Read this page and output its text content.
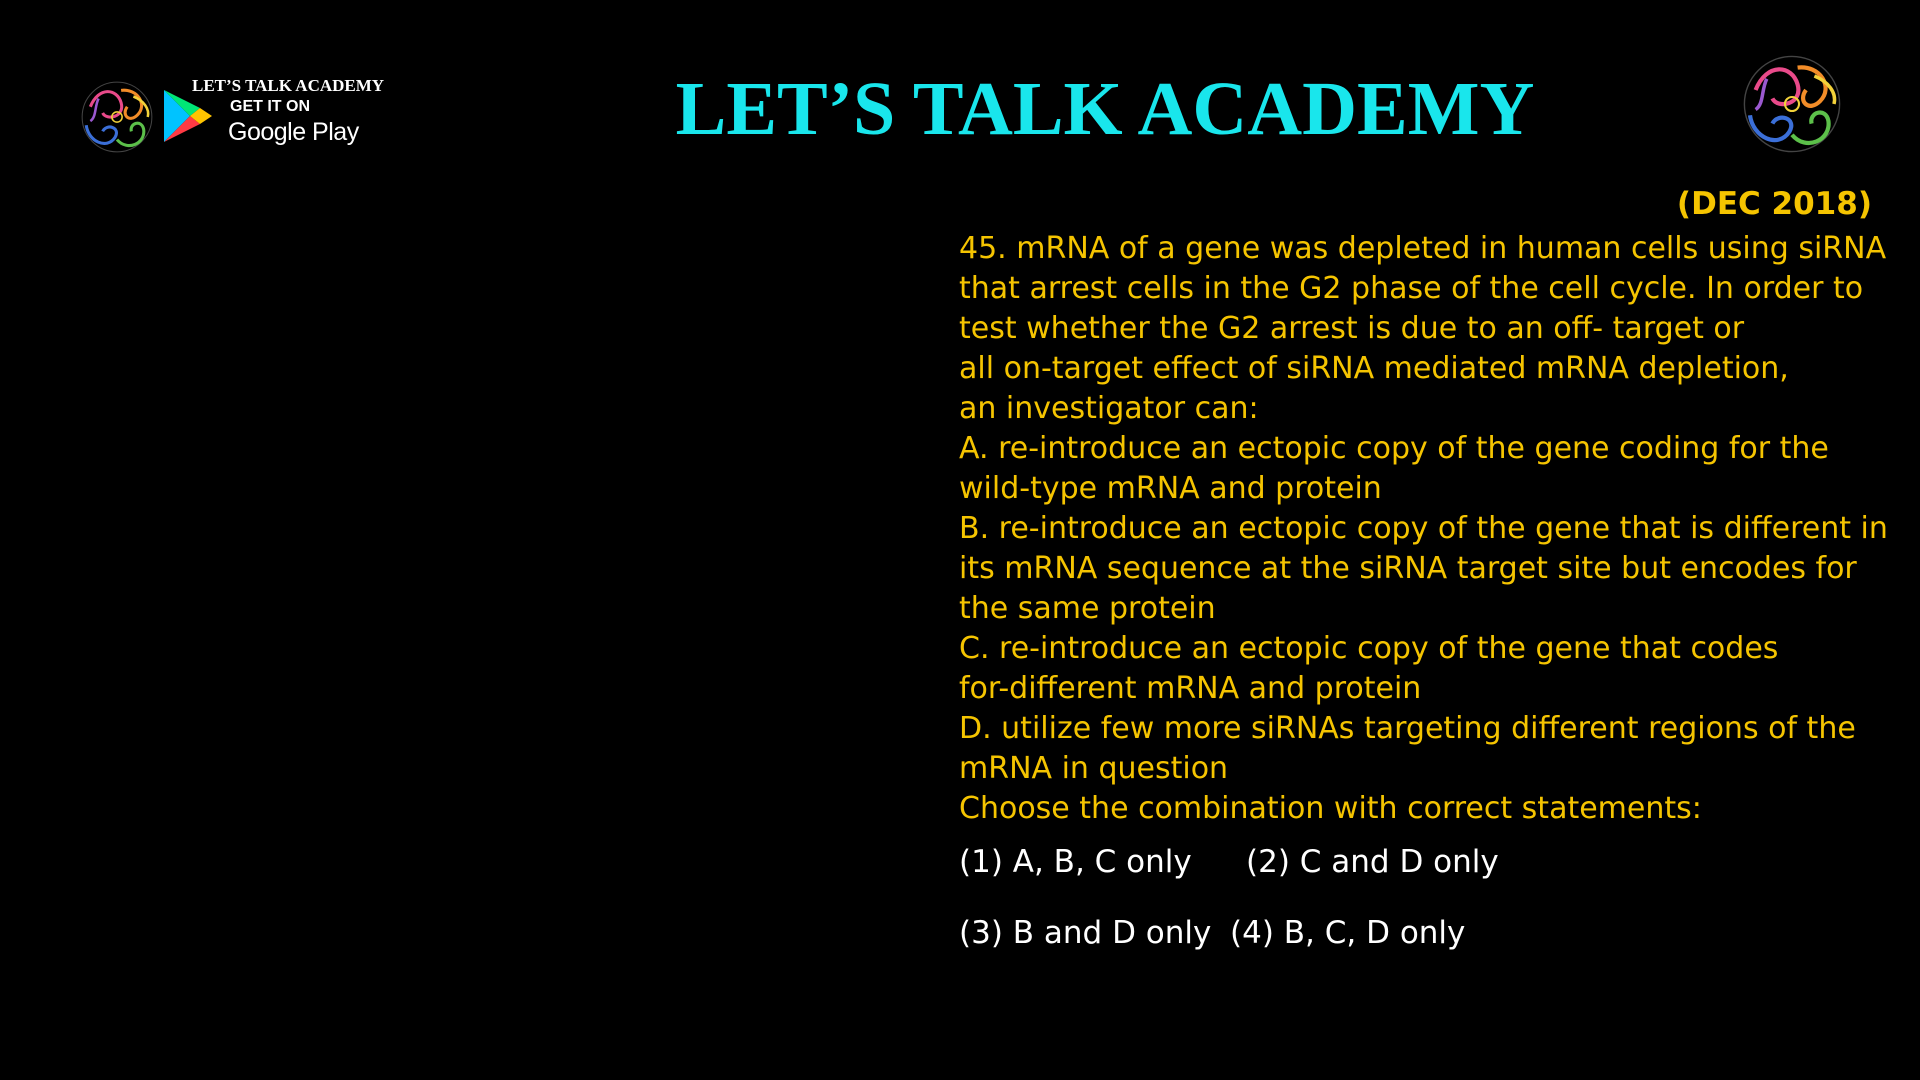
LET’S TALK ACADEMY
GET IT ON
Google Play	LET’S TALK ACADEMY
(DEC 2018)
45. mRNA of a gene was depleted in human cells using siRNA
that arrest cells in the G2 phase of the cell cycle. In order to
test whether the G2 arrest is due to an off- target or
all on-target effect of siRNA mediated mRNA depletion,
an investigator can:
A. re-introduce an ectopic copy of the gene coding for the
wild-type mRNA and protein
B. re-introduce an ectopic copy of the gene that is different in
its mRNA sequence at the siRNA target site but encodes for
the same protein
C. re-introduce an ectopic copy of the gene that codes
for-different mRNA and protein
D. utilize few more siRNAs targeting different regions of the
mRNA in question
Choose the combination with correct statements:
(1) A, B, C only (2) C and D only
(3) B and D only (4) B, C, D only
